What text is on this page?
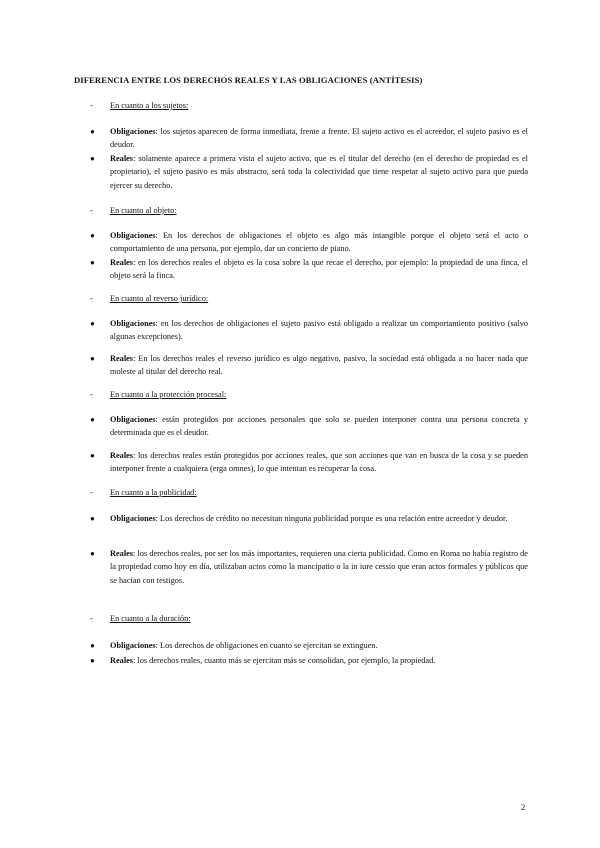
DIFERENCIA ENTRE LOS DERECHOS REALES Y LAS OBLIGACIONES (ANTÍTESIS)
- En cuanto a los sujetos:
● Obligaciones: los sujetos aparecen de forma inmediata, frente a frente. El sujeto activo es el acreedor, el sujeto pasivo es el deudor.
● Reales: solamente aparece a primera vista el sujeto activo, que es el titular del derecho (en el derecho de propiedad es el propietario), el sujeto pasivo es más abstracto, será toda la colectividad que tiene respetar al sujeto activo para que pueda ejercer su derecho.
- En cuanto al objeto:
● Obligaciones: En los derechos de obligaciones el objeto es algo más intangible porque el objeto será el acto o comportamiento de una persona, por ejemplo, dar un concierto de piano.
● Reales: en los derechos reales el objeto es la cosa sobre la que recae el derecho, por ejemplo: la propiedad de una finca, el objeto será la finca.
- En cuanto al reverso jurídico:
● Obligaciones: en los derechos de obligaciones el sujeto pasivo está obligado a realizar un comportamiento positivo (salvo algunas excepciones).
● Reales: En los derechos reales el reverso jurídico es algo negativo, pasivo, la sociedad está obligada a no hacer nada que moleste al titular del derecho real.
- En cuanto a la protección procesal:
● Obligaciones: están protegidos por acciones personales que solo se pueden interponer contra una persona concreta y determinada que es el deudor.
● Reales: los derechos reales están protegidos por acciones reales, que son acciones que van en busca de la cosa y se pueden interponer frente a cualquiera (erga omnes), lo que intentan es recuperar la cosa.
- En cuanto a la publicidad:
● Obligaciones: Los derechos de crédito no necesitan ninguna publicidad porque es una relación entre acreedor y deudor.
● Reales: los derechos reales, por ser los más importantes, requieren una cierta publicidad. Como en Roma no había registro de la propiedad como hoy en día, utilizaban actos como la mancipatio o la in iure cessio que eran actos formales y públicos que se hacían con testigos.
- En cuanto a la duración:
● Obligaciones: Los derechos de obligaciones en cuanto se ejercitan se extinguen.
● Reales: los derechos reales, cuanto más se ejercitan más se consolidan, por ejemplo, la propiedad.
2
